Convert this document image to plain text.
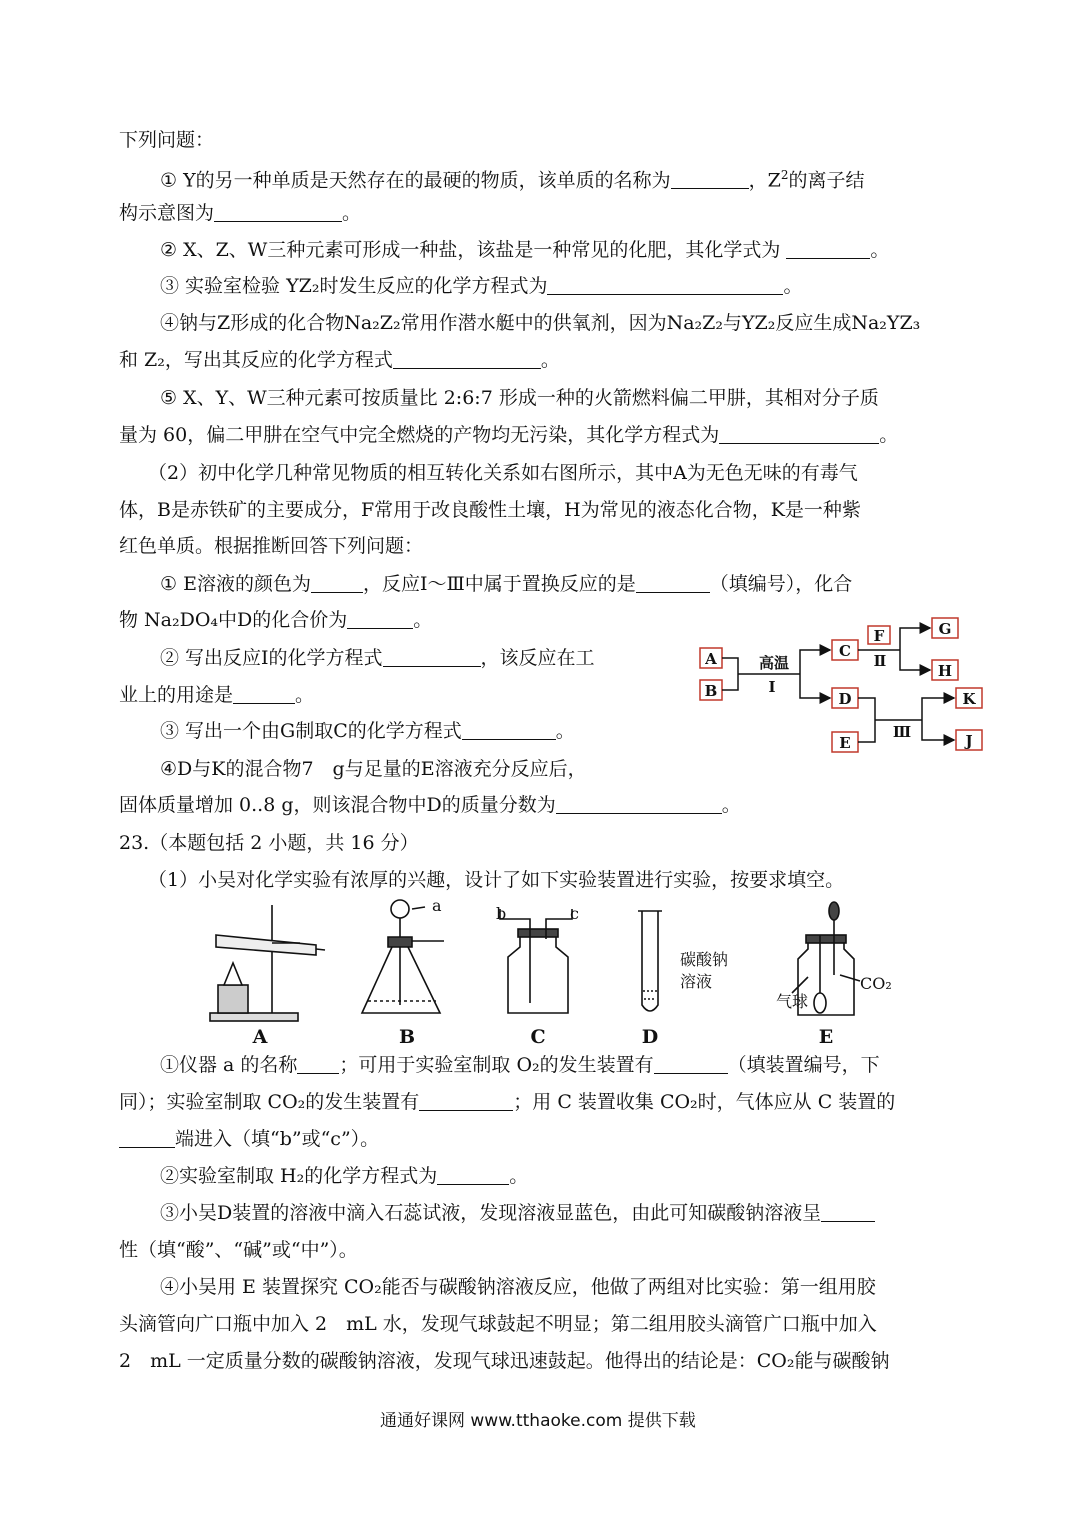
下列问题：
① Y的另一种单质是天然存在的最硬的物质，该单质的名称为	，$Z^2$的离子结
构示意图为	。
② X、Z、W三种元素可形成一种盐，该盐是一种常见的化肥，其化学式为	。
③ 实验室检验 YZ₂时发生反应的化学方程式为	。
④钠与Z形成的化合物Na₂Z₂常用作潜水艇中的供氧剂，因为Na₂Z₂与YZ₂反应生成Na₂YZ₃
和 Z₂，写出其反应的化学方程式	。
⑤ X、Y、W三种元素可按质量比 2:6:7 形成一种的火箭燃料偏二甲肼，其相对分子质
量为 60，偏二甲肼在空气中完全燃烧的产物均无污染，其化学方程式为	。
（2）初中化学几种常见物质的相互转化关系如右图所示，其中A为无色无味的有毒气
体，B是赤铁矿的主要成分，F常用于改良酸性土壤，H为常见的液态化合物，K是一种紫
红色单质。根据推断回答下列问题：
① E溶液的颜色为	，反应Ⅰ～Ⅲ中属于置换反应的是	（填编号），化合
物 Na₂DO₄中D的化合价为	。
② 写出反应Ⅰ的化学方程式	，该反应在工
业上的用途是	。
③ 写出一个由G制取C的化学方程式	。
④D与K的混合物7　g与足量的E溶液充分反应后，
固体质量增加 0..8 g，则该混合物中D的质量分数为	。
23.（本题包括 2 小题，共 16 分）
（1）小吴对化学实验有浓厚的兴趣，设计了如下实验装置进行实验，按要求填空。
①仪器 a 的名称 ；可用于实验室制取 O₂的发生装置有	（填装置编号，下
同）；实验室制取 CO₂的发生装置有	；用 C 装置收集 CO₂时，气体应从 C 装置的
端进入（填“b”或“c”）。
②实验室制取 H₂的化学方程式为	。
③小吴D装置的溶液中滴入石蕊试液，发现溶液显蓝色，由此可知碳酸钠溶液呈
性（填“酸”、“碱”或“中”）。
④小吴用 E 装置探究 CO₂能否与碳酸钠溶液反应，他做了两组对比实验：第一组用胶
头滴管向广口瓶中加入 2　mL 水，发现气球鼓起不明显；第二组用胶头滴管广口瓶中加入
2　mL 一定质量分数的碳酸钠溶液，发现气球迅速鼓起。他得出的结论是：CO₂能与碳酸钠
A
B
C
D
E
F	G
H
K
J
高温
Ⅰ
Ⅱ
Ⅲ
a	b	c
碳酸钠
溶液
气球
CO₂
A	B	C	D	E
通通好课网 www.tthaoke.com 提供下载
